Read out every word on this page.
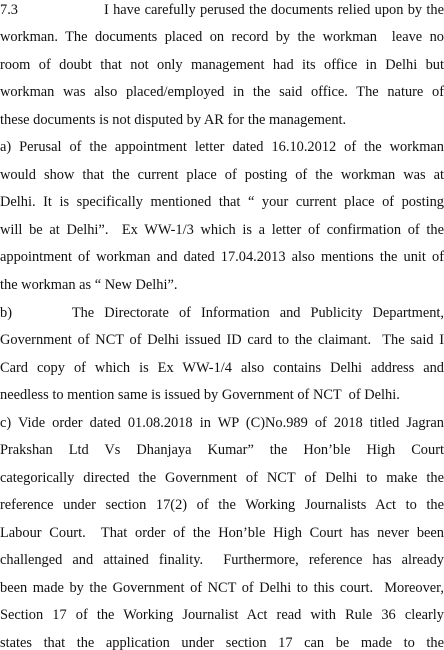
7.3                    I have carefully perused the documents relied upon by the
workman. The documents placed on record by the workman  leave no
room of doubt that not only management had its office in Delhi but
workman was also placed/employed in the said office. The nature of
these documents is not disputed by AR for the management.
a) Perusal of the appointment letter dated 16.10.2012 of the workman
would show that the current place of posting of the workman was at
Delhi. It is specifically mentioned that “ your current place of posting
will be at Delhi”.  Ex WW-1/3 which is a letter of confirmation of the
appointment of workman and dated 17.04.2013 also mentions the unit of
the workman as “ New Delhi”.
b)      The Directorate of Information and Publicity Department,
Government of NCT of Delhi issued ID card to the claimant.  The said I
Card copy of which is Ex WW-1/4 also contains Delhi address and
needless to mention same is issued by Government of NCT  of Delhi.
c) Vide order dated 01.08.2018 in WP (C)No.989 of 2018 titled Jagran
Prakshan Ltd Vs Dhanjaya Kumar” the Hon’ble High Court
categorically directed the Government of NCT of Delhi to make the
reference under section 17(2) of the Working Journalists Act to the
Labour Court.  That order of the Hon’ble High Court has never been
challenged and attained finality.  Furthermore, reference has already
been made by the Government of NCT of Delhi to this court.  Moreover,
Section 17 of the Working Journalist Act read with Rule 36 clearly
states that the application under section 17 can be made to the
